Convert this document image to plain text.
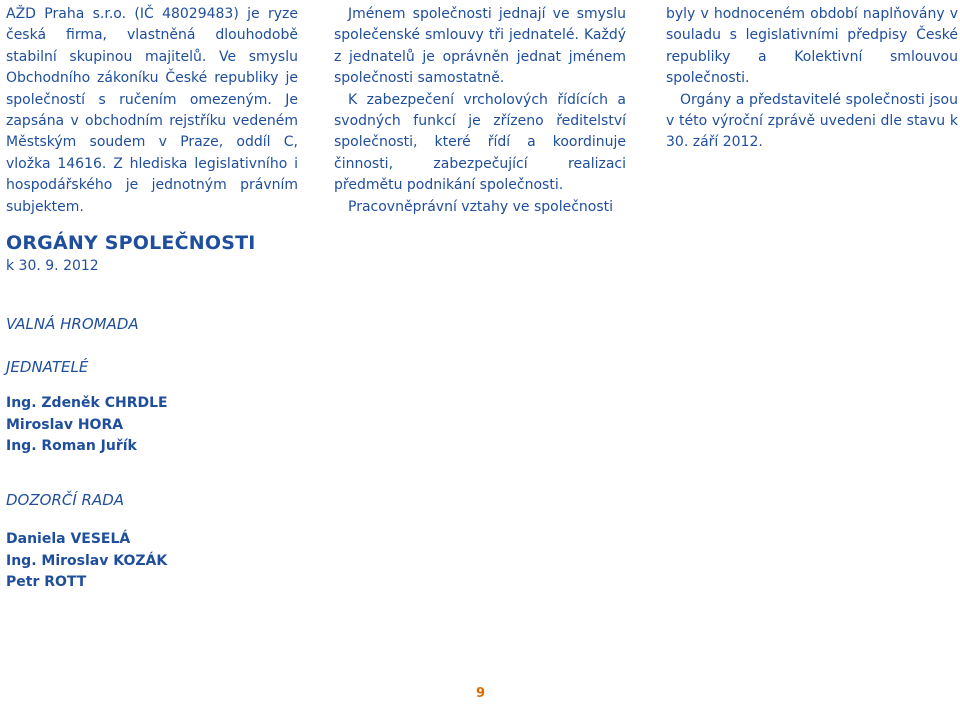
AŽD Praha s.r.o. (IČ 48029483) je ryze česká firma, vlastněná dlouhodobě stabilní skupinou majitelů. Ve smyslu Obchodního zákoníku České republiky je společností s ručením omezeným. Je zapsána v obchodním rejstříku vedeném Městským soudem v Praze, oddíl C, vložka 14616. Z hlediska legislativního i hospodářského je jednotným právním subjektem.

Jménem společnosti jednají ve smyslu společenské smlouvy tři jednatelé. Každý z jednatelů je oprávněn jednat jménem společnosti samostatně.

K zabezpečení vrcholových řídících a svodných funkcí je zřízeno ředitelství společnosti, které řídí a koordinuje činnosti, zabezpečující realizaci předmětu podnikání společnosti.

Pracovněprávní vztahy ve společnosti

byly v hodnoceném období naplňovány v souladu s legislativními předpisy České republiky a Kolektivní smlouvou společnosti.

Orgány a představitelé společnosti jsou v této výroční zprávě uvedeni dle stavu k 30. září 2012.

ORGÁNY SPOLEČNOSTI
k 30. 9. 2012
VALNÁ HROMADA
JEDNATELÉ
Ing. Zdeněk CHRDLE
Miroslav HORA
Ing. Roman Juřík
DOZORČÍ RADA
Daniela VESELÁ
Ing. Miroslav KOZÁK
Petr ROTT
9
